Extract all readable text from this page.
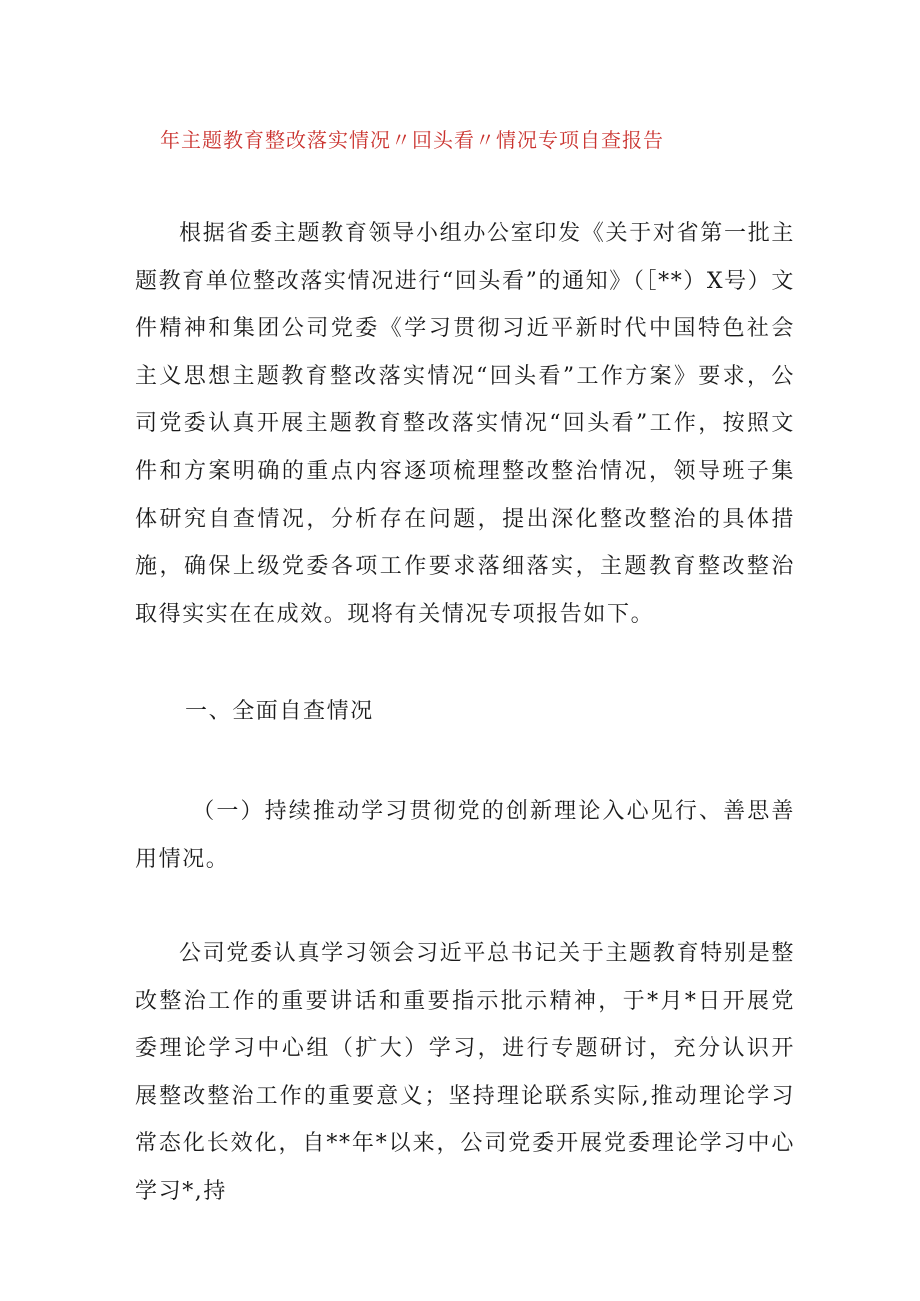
年主题教育整改落实情况〃回头看〃情况专项自查报告

根据省委主题教育领导小组办公室印发《关于对省第一批主题教育单位整改落实情况进行“回头看”的通知》（［**）X号）文件精神和集团公司党委《学习贯彻习近平新时代中国特色社会主义思想主题教育整改落实情况“回头看”工作方案》要求，公司党委认真开展主题教育整改落实情况“回头看”工作，按照文件和方案明确的重点内容逐项梳理整改整治情况，领导班子集体研究自查情况，分析存在问题，提出深化整改整治的具体措施，确保上级党委各项工作要求落细落实，主题教育整改整治取得实实在在成效。现将有关情况专项报告如下。

一、全面自查情况

（一）持续推动学习贯彻党的创新理论入心见行、善思善用情况。

公司党委认真学习领会习近平总书记关于主题教育特别是整改整治工作的重要讲话和重要指示批示精神，于*月*日开展党委理论学习中心组（扩大）学习，进行专题研讨，充分认识开展整改整治工作的重要意义；坚持理论联系实际,推动理论学习常态化长效化，自**年*以来，公司党委开展党委理论学习中心学习*,持
